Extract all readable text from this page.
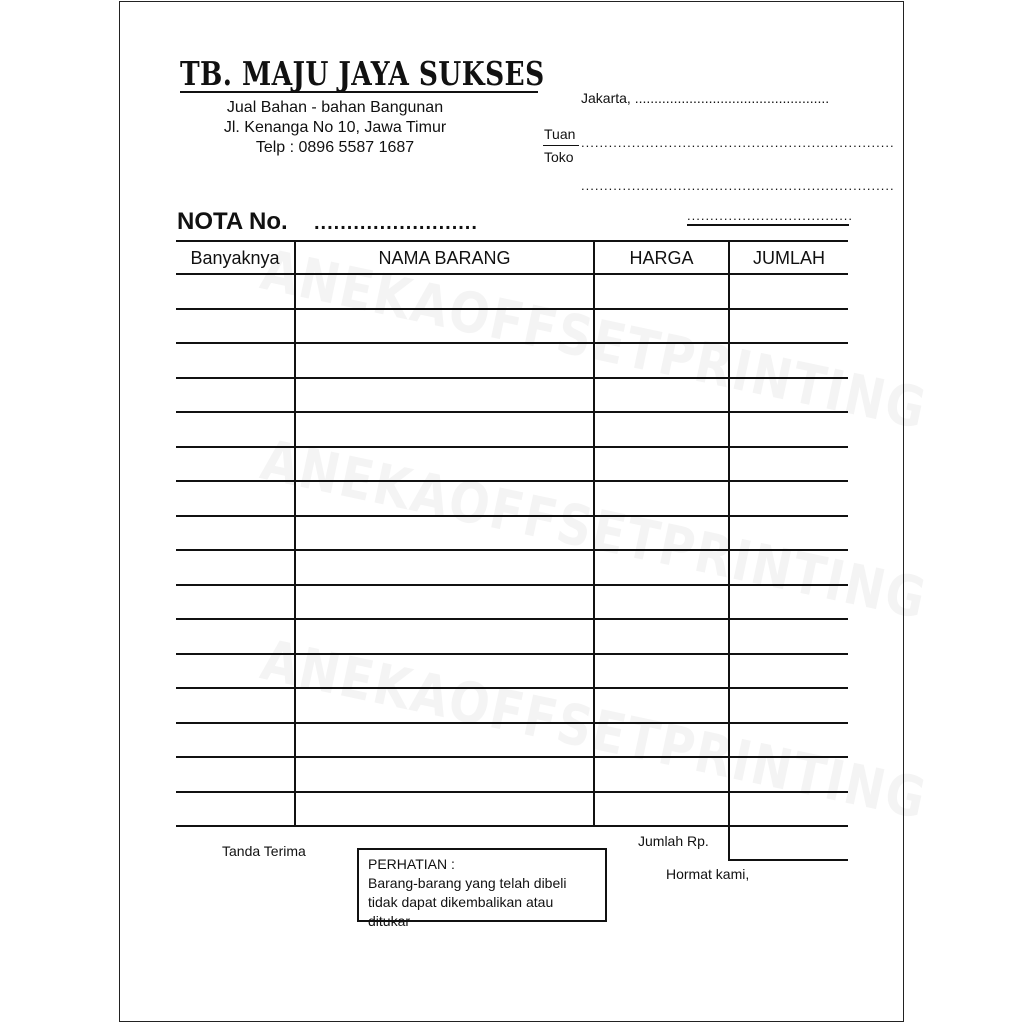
TB. MAJU JAYA SUKSES
Jual Bahan - bahan Bangunan
Jl. Kenanga No 10, Jawa Timur
Telp : 0896 5587 1687
Jakarta, ..................................................
Tuan
....................................................................
Toko
....................................................................
....................................
NOTA No. .........................
Banyaknya	NAMA BARANG	HARGA	JUMLAH
Tanda Terima
Jumlah Rp.
Hormat kami,
PERHATIAN :
Barang-barang yang telah dibeli
tidak dapat dikembalikan atau ditukar
